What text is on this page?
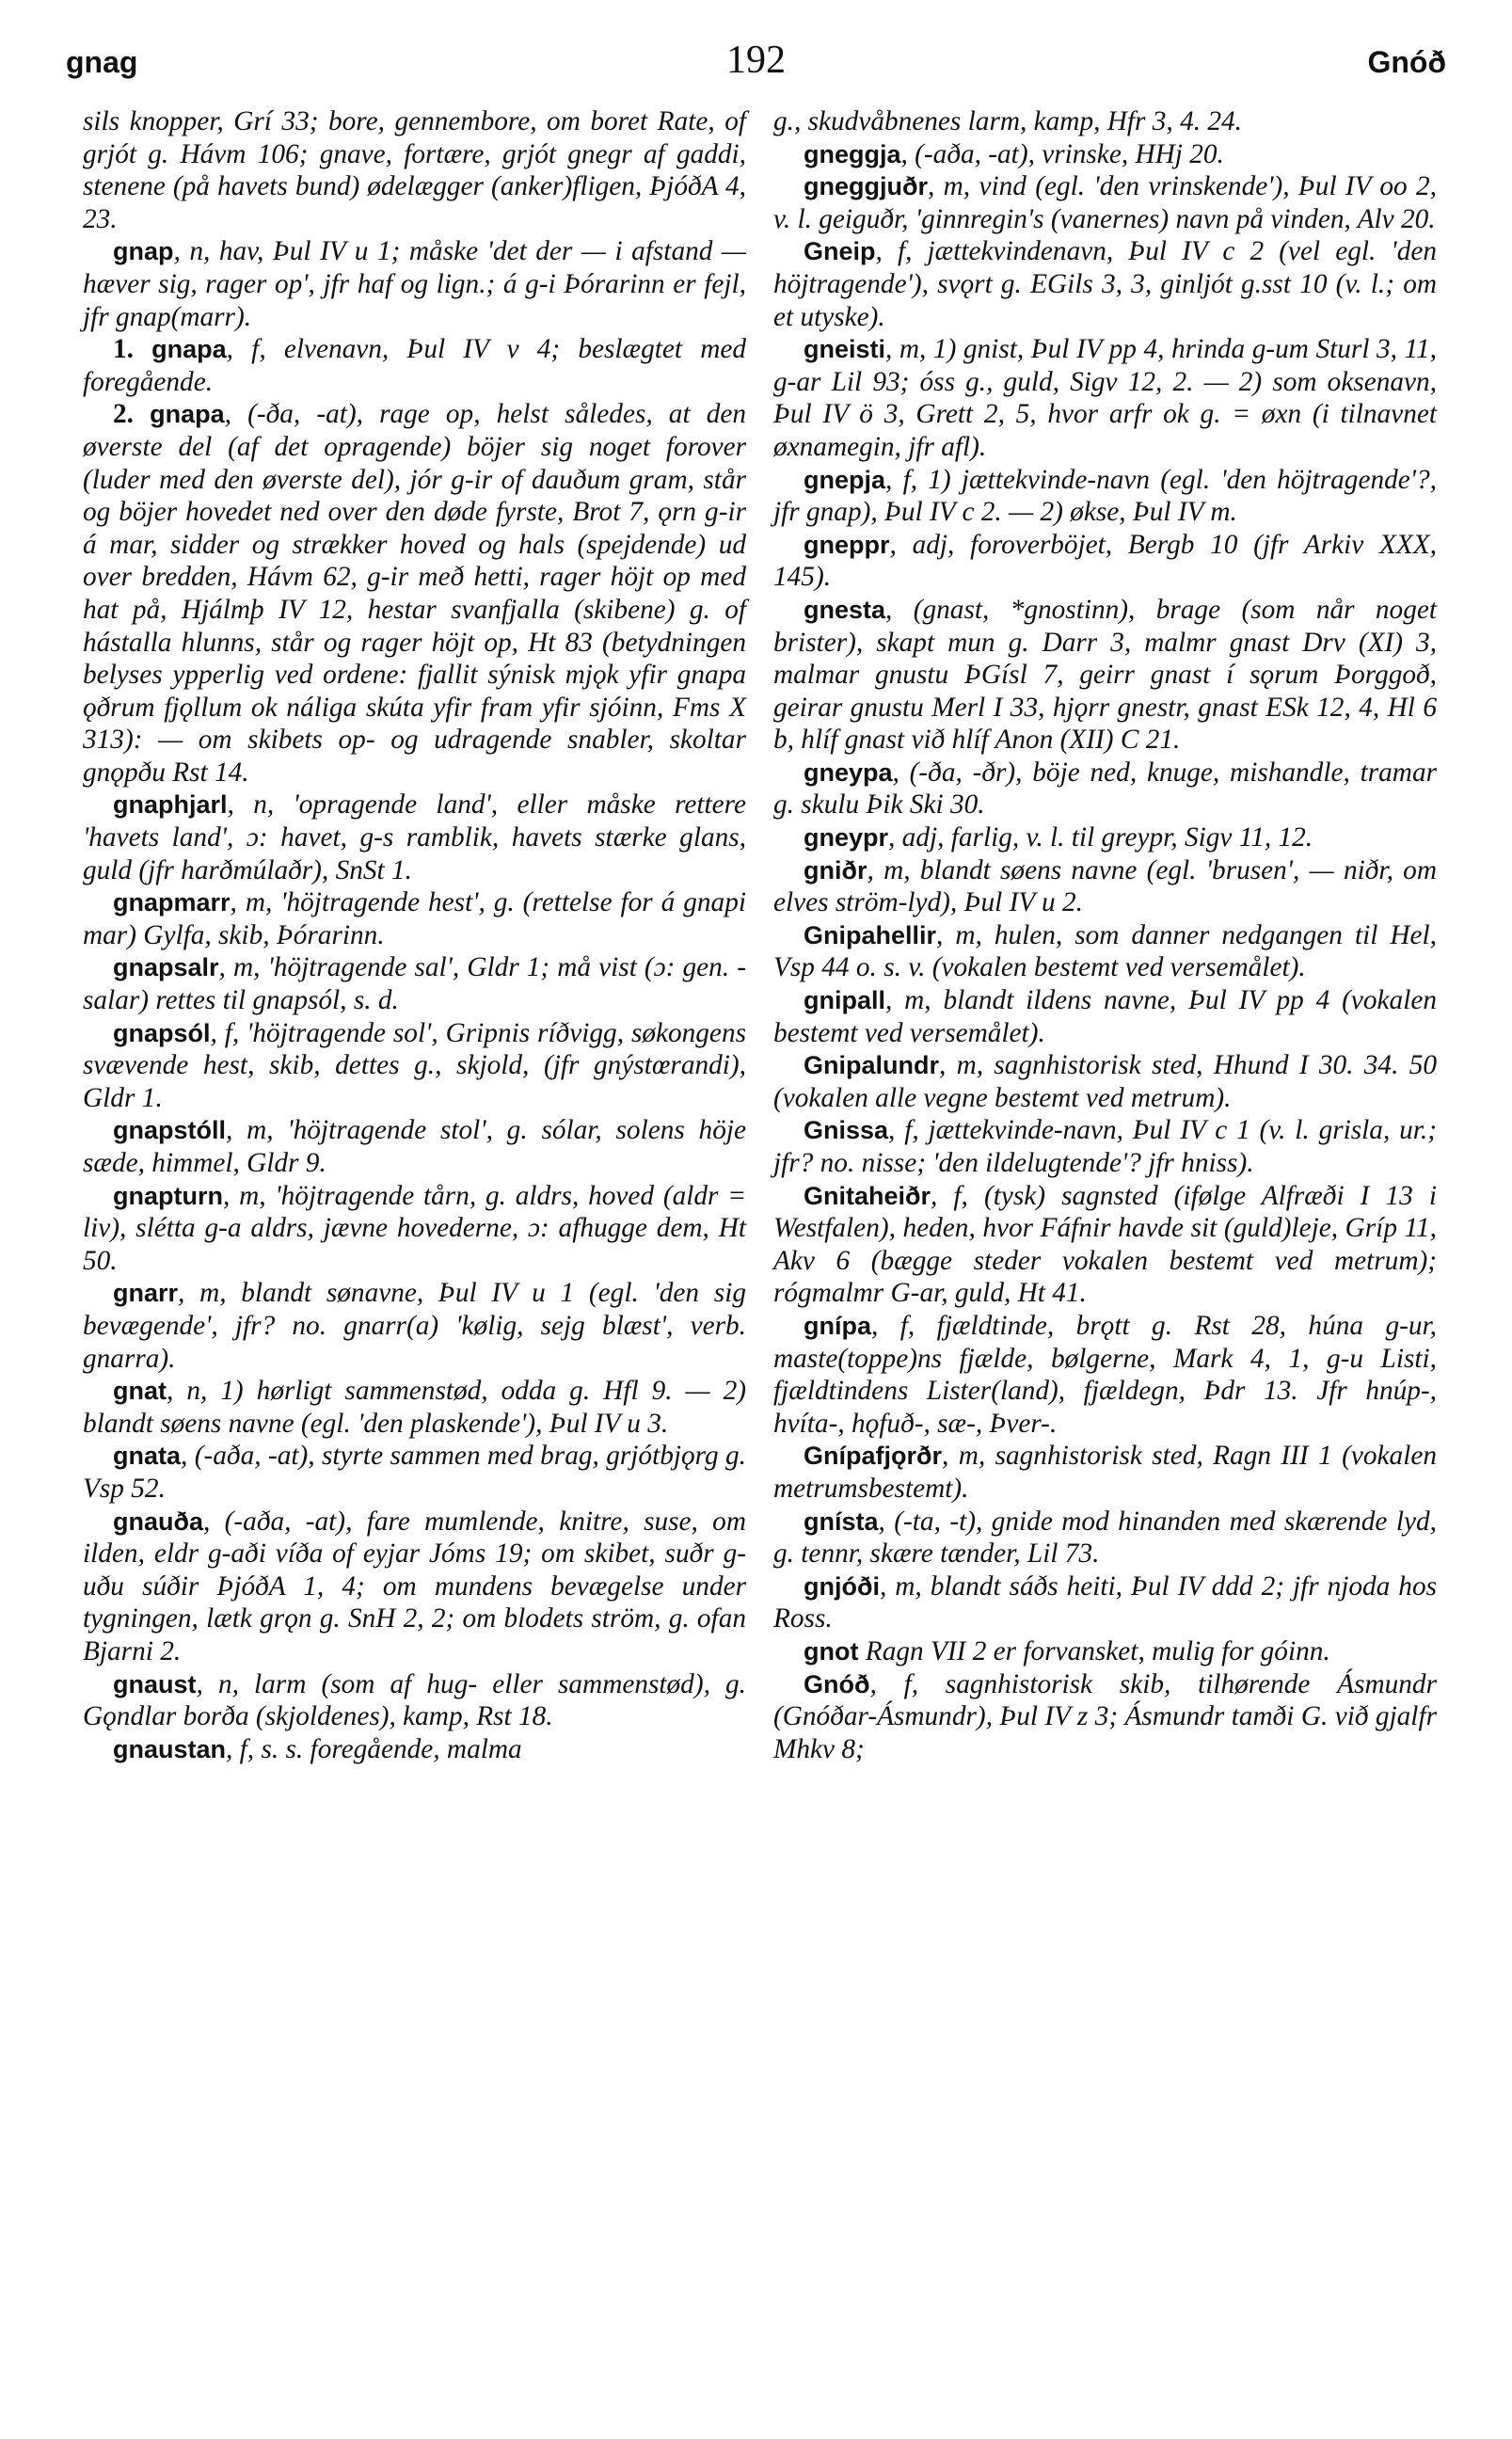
gnag	192	Gnóð

sils knopper, Grí 33; bore, gennembore, om boret Rate, of grjót g. Hávm 106; gnave, fortære, grjót gnegr af gaddi, stenene (på havets bund) ødelægger (anker)fligen, ÞjóðA 4, 23.

gnap, n, hav, Þul IV u 1; måske 'det der — i afstand — hæver sig, rager op', jfr haf og lign.; á g-i Þórarinn er fejl, jfr gnap(marr).

1. gnapa, f, elvenavn, Þul IV v 4; beslægtet med foregående.

2. gnapa, (-ða, -at), rage op, helst således, at den øverste del (af det opragende) böjer sig noget forover (luder med den øverste del), jór g-ir of dauðum gram, står og böjer hovedet ned over den døde fyrste, Brot 7, ǫrn g-ir á mar, sidder og strækker hoved og hals (spejdende) ud over bredden, Hávm 62, g-ir með hetti, rager höjt op med hat på, Hjálmþ IV 12, hestar svanfjalla (skibene) g. of hástalla hlunns, står og rager höjt op, Ht 83 (betydningen belyses ypperlig ved ordene: fjallit sýnisk mjǫk yfir gnapa ǫðrum fjǫllum ok náliga skúta yfir fram yfir sjóinn, Fms X 313): — om skibets op- og udragende snabler, skoltar gnǫpðu Rst 14.

gnaphjarl, n, 'opragende land', eller måske rettere 'havets land', ɔ: havet, g-s ramblik, havets stærke glans, guld (jfr harðmúlaðr), SnSt 1.

gnapmarr, m, 'höjtragende hest', g. (rettelse for á gnapi mar) Gylfa, skib, Þórarinn.

gnapsalr, m, 'höjtragende sal', Gldr 1; må vist (ɔ: gen. -salar) rettes til gnapsól, s. d.

gnapsól, f, 'höjtragende sol', Gripnis ríðvigg, søkongens svævende hest, skib, dettes g., skjold, (jfr gnýstœrandi), Gldr 1.

gnapstóll, m, 'höjtragende stol', g. sólar, solens höje sæde, himmel, Gldr 9.

gnapturn, m, 'höjtragende tårn, g. aldrs, hoved (aldr = liv), slétta g-a aldrs, jævne hovederne, ɔ: afhugge dem, Ht 50.

gnarr, m, blandt sønavne, Þul IV u 1 (egl. 'den sig bevægende', jfr? no. gnarr(a) 'kølig, sejg blæst', verb. gnarra).

gnat, n, 1) hørligt sammenstød, odda g. Hfl 9. — 2) blandt søens navne (egl. 'den plaskende'), Þul IV u 3.

gnata, (-aða, -at), styrte sammen med brag, grjótbjǫrg g. Vsp 52.

gnauða, (-aða, -at), fare mumlende, knitre, suse, om ilden, eldr g-aði víða of eyjar Jóms 19; om skibet, suðr g-uðu súðir ÞjóðA 1, 4; om mundens bevægelse under tygningen, lætk grǫn g. SnH 2, 2; om blodets ström, g. ofan Bjarni 2.

gnaust, n, larm (som af hug- eller sammenstød), g. Gǫndlar borða (skjoldenes), kamp, Rst 18.

gnaustan, f, s. s. foregående, malma

g., skudvåbnenes larm, kamp, Hfr 3, 4. 24.

gneggja, (-aða, -at), vrinske, HHj 20.

gneggjuðr, m, vind (egl. 'den vrinskende'), Þul IV oo 2, v. l. geiguðr, 'ginnregin's (vanernes) navn på vinden, Alv 20.

Gneip, f, jættekvindenavn, Þul IV c 2 (vel egl. 'den höjtragende'), svǫrt g. EGils 3, 3, ginljót g.sst 10 (v. l.; om et utyske).

gneisti, m, 1) gnist, Þul IV pp 4, hrinda g-um Sturl 3, 11, g-ar Lil 93; óss g., guld, Sigv 12, 2. — 2) som oksenavn, Þul IV ö 3, Grett 2, 5, hvor arfr ok g. = øxn (i tilnavnet øxnamegin, jfr afl).

gnepja, f, 1) jættekvinde-navn (egl. 'den höjtragende'?, jfr gnap), Þul IV c 2. — 2) økse, Þul IV m.

gneppr, adj, foroverböjet, Bergb 10 (jfr Arkiv XXX, 145).

gnesta, (gnast, *gnostinn), brage (som når noget brister), skapt mun g. Darr 3, malmr gnast Drv (XI) 3, malmar gnustu ÞGísl 7, geirr gnast í sǫrum Þorggoð, geirar gnustu Merl I 33, hjǫrr gnestr, gnast ESk 12, 4, Hl 6 b, hlíf gnast við hlíf Anon (XII) C 21.

gneypa, (-ða, -ðr), böje ned, knuge, mishandle, tramar g. skulu Þik Ski 30.

gneypr, adj, farlig, v. l. til greypr, Sigv 11, 12.

gniðr, m, blandt søens navne (egl. 'brusen', — niðr, om elves ström-lyd), Þul IV u 2.

Gnipahellir, m, hulen, som danner nedgangen til Hel, Vsp 44 o. s. v. (vokalen bestemt ved versemålet).

gnipall, m, blandt ildens navne, Þul IV pp 4 (vokalen bestemt ved versemålet).

Gnipalundr, m, sagnhistorisk sted, Hhund I 30. 34. 50 (vokalen alle vegne bestemt ved metrum).

Gnissa, f, jættekvinde-navn, Þul IV c 1 (v. l. grisla, ur.; jfr? no. nisse; 'den ildelugtende'? jfr hniss).

Gnitaheiðr, f, (tysk) sagnsted (ifølge Alfræði I 13 i Westfalen), heden, hvor Fáfnir havde sit (guld)leje, Gríp 11, Akv 6 (bægge steder vokalen bestemt ved metrum); rógmalmr G-ar, guld, Ht 41.

gnípa, f, fjældtinde, brǫtt g. Rst 28, húna g-ur, maste(toppe)ns fjælde, bølgerne, Mark 4, 1, g-u Listi, fjældtindens Lister(land), fjældegn, Þdr 13. Jfr hnúp-, hvíta-, hǫfuð-, sæ-, Þver-.

Gnípafjǫrðr, m, sagnhistorisk sted, Ragn III 1 (vokalen metrumsbestemt).

gnísta, (-ta, -t), gnide mod hinanden med skærende lyd, g. tennr, skære tænder, Lil 73.

gnjóði, m, blandt sáðs heiti, Þul IV ddd 2; jfr njoda hos Ross.

gnot Ragn VII 2 er forvansket, mulig for góinn.

Gnóð, f, sagnhistorisk skib, tilhørende Ásmundr (Gnóðar-Ásmundr), Þul IV z 3; Ásmundr tamði G. við gjalfr Mhkv 8;
